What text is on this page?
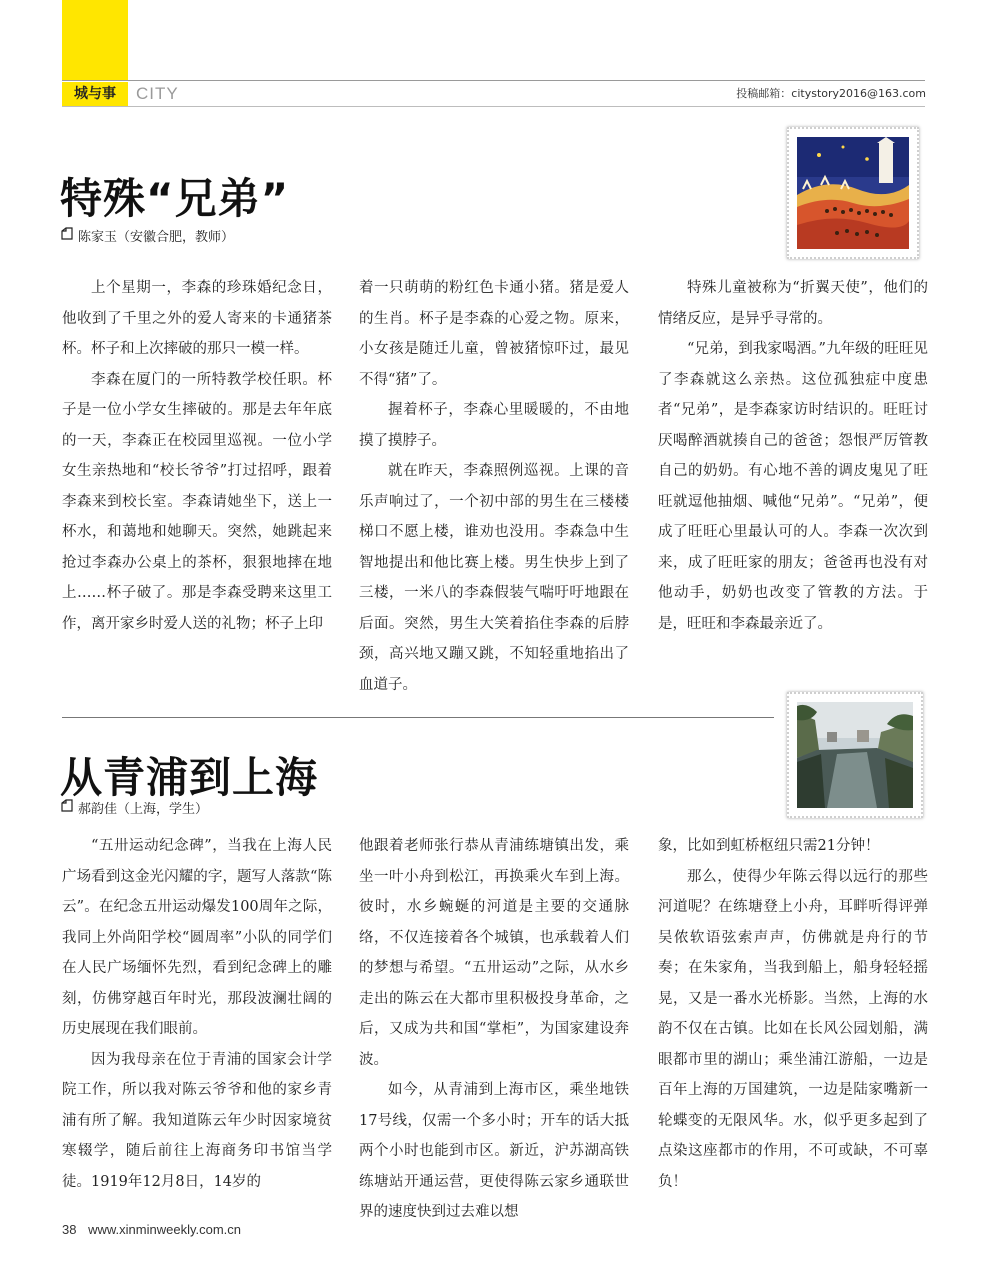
城与事	CITY	投稿邮箱：citystory2016@163.com
特殊“兄弟”
陈家玉（安徽合肥，教师）

上个星期一，李森的珍珠婚纪念日，他收到了千里之外的爱人寄来的卡通猪茶杯。杯子和上次摔破的那只一模一样。

李森在厦门的一所特教学校任职。杯子是一位小学女生摔破的。那是去年年底的一天，李森正在校园里巡视。一位小学女生亲热地和“校长爷爷”打过招呼，跟着李森来到校长室。李森请她坐下，送上一杯水，和蔼地和她聊天。突然，她跳起来抢过李森办公桌上的茶杯，狠狠地摔在地上……杯子破了。那是李森受聘来这里工作，离开家乡时爱人送的礼物；杯子上印

着一只萌萌的粉红色卡通小猪。猪是爱人的生肖。杯子是李森的心爱之物。原来，小女孩是随迁儿童，曾被猪惊吓过，最见不得“猪”了。

握着杯子，李森心里暖暖的，不由地摸了摸脖子。

就在昨天，李森照例巡视。上课的音乐声响过了，一个初中部的男生在三楼楼梯口不愿上楼，谁劝也没用。李森急中生智地提出和他比赛上楼。男生快步上到了三楼，一米八的李森假装气喘吁吁地跟在后面。突然，男生大笑着掐住李森的后脖颈，高兴地又蹦又跳，不知轻重地掐出了血道子。

特殊儿童被称为“折翼天使”，他们的情绪反应，是异乎寻常的。

“兄弟，到我家喝酒。”九年级的旺旺见了李森就这么亲热。这位孤独症中度患者“兄弟”，是李森家访时结识的。旺旺讨厌喝醉酒就揍自己的爸爸；怨恨严厉管教自己的奶奶。有心地不善的调皮鬼见了旺旺就逗他抽烟、喊他“兄弟”。“兄弟”，便成了旺旺心里最认可的人。李森一次次到来，成了旺旺家的朋友；爸爸再也没有对他动手，奶奶也改变了管教的方法。于是，旺旺和李森最亲近了。

从青浦到上海
郝韵佳（上海，学生）

“五卅运动纪念碑”，当我在上海人民广场看到这金光闪耀的字，题写人落款“陈云”。在纪念五卅运动爆发100周年之际，我同上外尚阳学校“圆周率”小队的同学们在人民广场缅怀先烈，看到纪念碑上的雕刻，仿佛穿越百年时光，那段波澜壮阔的历史展现在我们眼前。

因为我母亲在位于青浦的国家会计学院工作，所以我对陈云爷爷和他的家乡青浦有所了解。我知道陈云年少时因家境贫寒辍学，随后前往上海商务印书馆当学徒。1919年12月8日，14岁的

他跟着老师张行恭从青浦练塘镇出发，乘坐一叶小舟到松江，再换乘火车到上海。彼时，水乡蜿蜒的河道是主要的交通脉络，不仅连接着各个城镇，也承载着人们的梦想与希望。“五卅运动”之际，从水乡走出的陈云在大都市里积极投身革命，之后，又成为共和国“掌柜”，为国家建设奔波。

如今，从青浦到上海市区，乘坐地铁17号线，仅需一个多小时；开车的话大抵两个小时也能到市区。新近，沪苏湖高铁练塘站开通运营，更使得陈云家乡通联世界的速度快到过去难以想

象，比如到虹桥枢纽只需21分钟！

那么，使得少年陈云得以远行的那些河道呢？在练塘登上小舟，耳畔听得评弹吴侬软语弦索声声，仿佛就是舟行的节奏；在朱家角，当我到船上，船身轻轻摇晃，又是一番水光桥影。当然，上海的水韵不仅在古镇。比如在长风公园划船，满眼都市里的湖山；乘坐浦江游船，一边是百年上海的万国建筑，一边是陆家嘴新一轮蝶变的无限风华。水，似乎更多起到了点染这座都市的作用，不可或缺，不可辜负！

38 www.xinminweekly.com.cn
